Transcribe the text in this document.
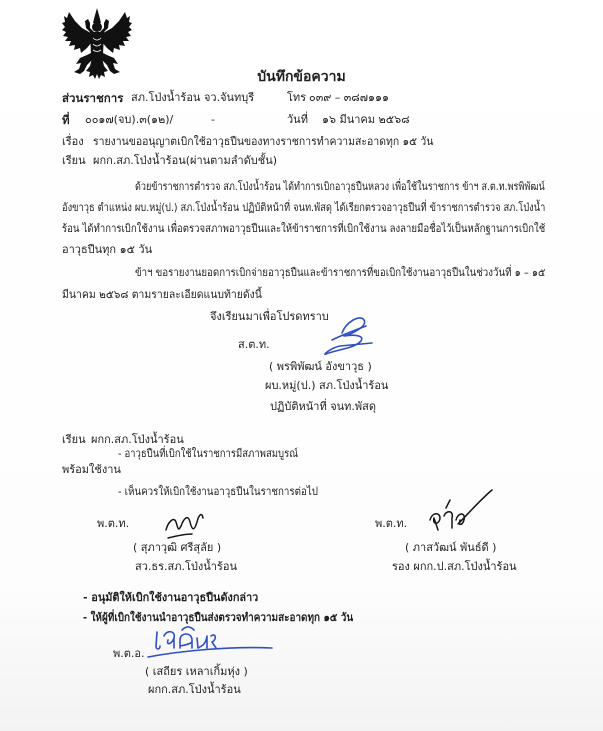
บันทึกข้อความ
ส่วนราชการ สภ.โป่งน้ำร้อน จว.จันทบุรี	โทร ๐๓๙ – ๓๘๗๑๑๑
ที่ ๐๐๑๗(จบ).๓(๑๒)/	-	วันที่ ๑๖ มีนาคม ๒๕๖๘
เรื่อง รายงานขออนุญาตเบิกใช้อาวุธปืนของทางราชการทำความสะอาดทุก ๑๕ วัน
เรียน ผกก.สภ.โป่งน้ำร้อน(ผ่านตามลำดับชั้น)
ด้วยข้าราชการตำรวจ สภ.โป่งน้ำร้อน ได้ทำการเบิกอาวุธปืนหลวง เพื่อใช้ในราชการ ข้าฯ ส.ต.ท.พรพิพัฒน์
อังขาวุธ ตำแหน่ง ผบ.หมู่(ป.) สภ.โป่งน้ำร้อน ปฏิบัติหน้าที่ จนท.พัสดุ ได้เรียกตรวจอาวุธปืนที่ ข้าราชการตำรวจ สภ.โป่งน้ำ
ร้อน ได้ทำการเบิกใช้งาน เพื่อตรวจสภาพอาวุธปืนและให้ข้าราชการที่เบิกใช้งาน ลงลายมือชื่อไว้เป็นหลักฐานการเบิกใช้
อาวุธปืนทุก ๑๕ วัน
ข้าฯ ขอรายงานยอดการเบิกจ่ายอาวุธปืนและข้าราชการที่ขอเบิกใช้งานอาวุธปืนในช่วงวันที่ ๑ – ๑๕
มีนาคม ๒๕๖๘ ตามรายละเอียดแนบท้ายดังนี้
จึงเรียนมาเพื่อโปรดทราบ
ส.ต.ท.
( พรพิพัฒน์ อังขาวุธ )
ผบ.หมู่(ป.) สภ.โป่งน้ำร้อน
ปฏิบัติหน้าที่ จนท.พัสดุ
เรียน ผกก.สภ.โป่งน้ำร้อน
- อาวุธปืนที่เบิกใช้ในราชการมีสภาพสมบูรณ์
พร้อมใช้งาน
- เห็นควรให้เบิกใช้งานอาวุธปืนในราชการต่อไป
พ.ต.ท.
( สุภาวุฒิ ศรีสุลัย )
สว.ธร.สภ.โป่งน้ำร้อน
พ.ต.ท.
( ภาสวัฒน์ พันธ์ดี )
รอง ผกก.ป.สภ.โป่งน้ำร้อน
- อนุมัติให้เบิกใช้งานอาวุธปืนดังกล่าว
- ให้ผู้ที่เบิกใช้งานนำอาวุธปืนส่งตรวจทำความสะอาดทุก ๑๕ วัน
พ.ต.อ.
( เสถียร เหลาเกิ้มหุ่ง )
ผกก.สภ.โป่งน้ำร้อน
